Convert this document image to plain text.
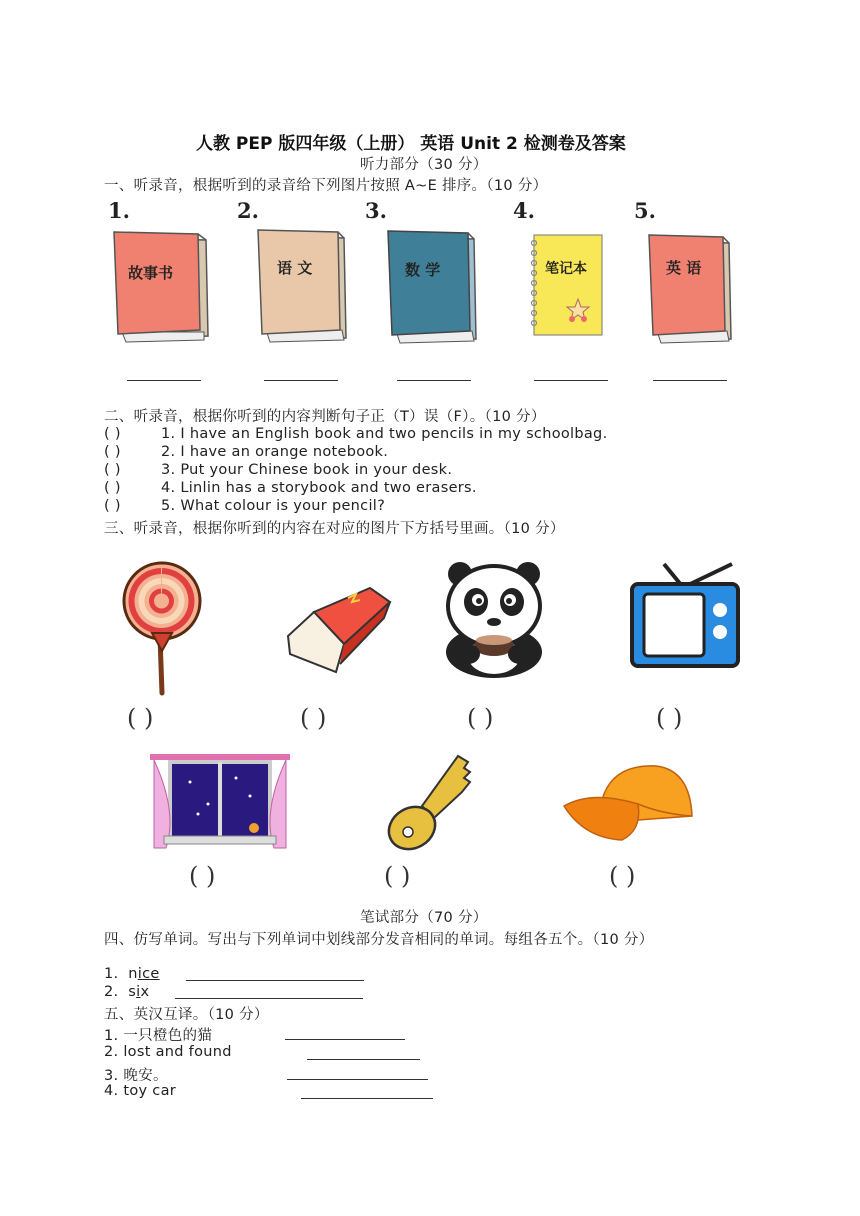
人教 PEP 版四年级（上册） 英语 Unit 2 检测卷及答案
听力部分（30 分）
一、听录音，根据听到的录音给下列图片按照 A~E 排序。（10 分）
1.	2.	3.	4.	5.
故事书	语 文	数 学	笔记本	英 语
二、听录音，根据你听到的内容判断句子正（T）误（F）。（10 分）
( )	1. I have an English book and two pencils in my schoolbag.
( )	2. I have an orange notebook.
( )	3. Put your Chinese book in your desk.
( )	4. Linlin has a storybook and two erasers.
( )	5. What colour is your pencil?
三、听录音，根据你听到的内容在对应的图片下方括号里画。（10 分）
( )	( )	( )	( )
( )	( )	( )
笔试部分（70 分）
四、仿写单词。写出与下列单词中划线部分发音相同的单词。每组各五个。（10 分）
1. nice
2. six
五、英汉互译。（10 分）
1. 一只橙色的猫
2. lost and found
3. 晚安。
4. toy car
